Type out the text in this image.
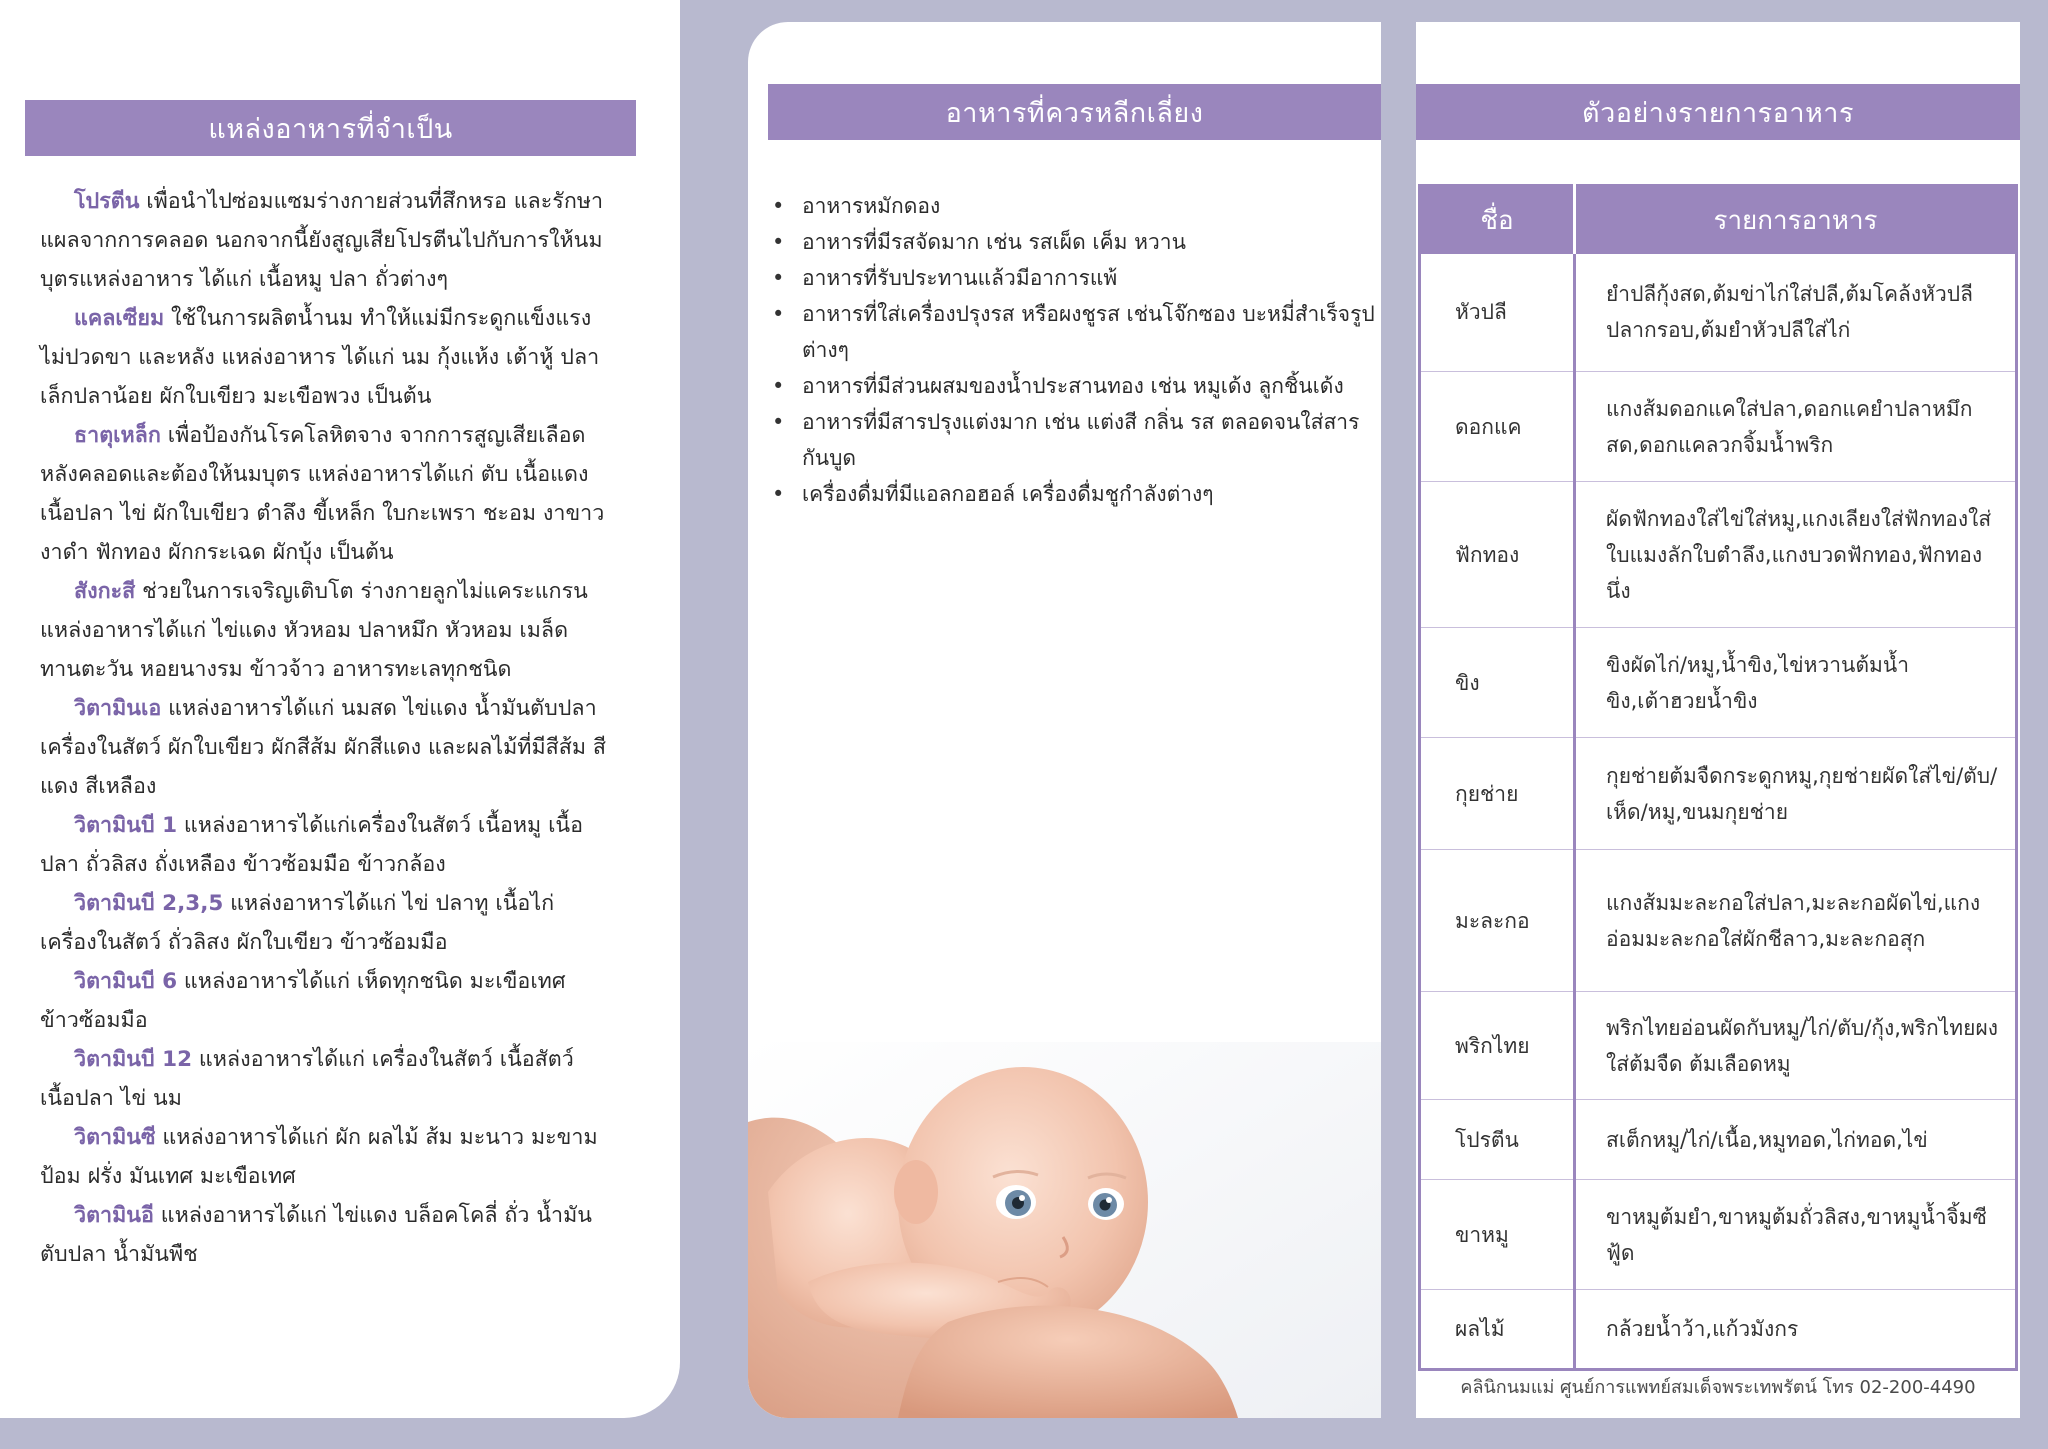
แหล่งอาหารที่จำเป็น

โปรตีน เพื่อนำไปซ่อมแซมร่างกายส่วนที่สึกหรอ และรักษาแผลจากการคลอด นอกจากนี้ยังสูญเสียโปรตีนไปกับการให้นมบุตรแหล่งอาหาร ได้แก่ เนื้อหมู ปลา ถั่วต่างๆ

แคลเซียม ใช้ในการผลิตน้ำนม ทำให้แม่มีกระดูกแข็งแรง ไม่ปวดขา และหลัง แหล่งอาหาร ได้แก่ นม กุ้งแห้ง เต้าหู้ ปลาเล็กปลาน้อย ผักใบเขียว มะเขือพวง เป็นต้น

ธาตุเหล็ก เพื่อป้องกันโรคโลหิตจาง จากการสูญเสียเลือดหลังคลอดและต้องให้นมบุตร แหล่งอาหารได้แก่ ตับ เนื้อแดง เนื้อปลา ไข่ ผักใบเขียว ตำลึง ขี้เหล็ก ใบกะเพรา ชะอม งาขาว งาดำ ฟักทอง ผักกระเฉด ผักบุ้ง เป็นต้น

สังกะสี ช่วยในการเจริญเติบโต ร่างกายลูกไม่แคระแกรน แหล่งอาหารได้แก่ ไข่แดง หัวหอม ปลาหมึก หัวหอม เมล็ดทานตะวัน หอยนางรม ข้าวจ้าว อาหารทะเลทุกชนิด

วิตามินเอ แหล่งอาหารได้แก่ นมสด ไข่แดง น้ำมันตับปลา เครื่องในสัตว์ ผักใบเขียว ผักสีส้ม ผักสีแดง และผลไม้ที่มีสีส้ม สีแดง สีเหลือง

วิตามินบี 1 แหล่งอาหารได้แก่เครื่องในสัตว์ เนื้อหมู เนื้อปลา ถั่วลิสง ถั่งเหลือง ข้าวซ้อมมือ ข้าวกล้อง

วิตามินบี 2,3,5 แหล่งอาหารได้แก่ ไข่ ปลาทู เนื้อไก่ เครื่องในสัตว์ ถั่วลิสง ผักใบเขียว ข้าวซ้อมมือ

วิตามินบี 6 แหล่งอาหารได้แก่ เห็ดทุกชนิด มะเขือเทศ ข้าวซ้อมมือ

วิตามินบี 12 แหล่งอาหารได้แก่ เครื่องในสัตว์ เนื้อสัตว์ เนื้อปลา ไข่ นม

วิตามินซี แหล่งอาหารได้แก่ ผัก ผลไม้ ส้ม มะนาว มะขามป้อม ฝรั่ง มันเทศ มะเขือเทศ

วิตามินอี แหล่งอาหารได้แก่ ไข่แดง บล็อคโคลี่ ถั่ว น้ำมันตับปลา น้ำมันพืช

อาหารที่ควรหลีกเลี่ยง
• อาหารหมักดอง
• อาหารที่มีรสจัดมาก เช่น รสเผ็ด เค็ม หวาน
• อาหารที่รับประทานแล้วมีอาการแพ้
• อาหารที่ใส่เครื่องปรุงรส หรือผงชูรส เช่นโจ๊กซอง บะหมี่สำเร็จรูปต่างๆ
• อาหารที่มีส่วนผสมของน้ำประสานทอง เช่น หมูเด้ง ลูกชิ้นเด้ง
• อาหารที่มีสารปรุงแต่งมาก เช่น แต่งสี กลิ่น รส ตลอดจนใส่สารกันบูด
• เครื่องดื่มที่มีแอลกอฮอล์ เครื่องดื่มชูกำลังต่างๆ
ตัวอย่างรายการอาหาร
ชื่อ	รายการอาหาร
หัวปลี	ยำปลีกุ้งสด,ต้มข่าไก่ใส่ปลี,ต้มโคล้งหัวปลีปลากรอบ,ต้มยำหัวปลีใส่ไก่
ดอกแค	แกงส้มดอกแคใส่ปลา,ดอกแคยำปลาหมึกสด,ดอกแคลวกจิ้มน้ำพริก
ฟักทอง	ผัดฟักทองใส่ไข่ใส่หมู,แกงเลียงใส่ฟักทองใส่ใบแมงลักใบตำลึง,แกงบวดฟักทอง,ฟักทองนึ่ง
ขิง	ขิงผัดไก่/หมู,น้ำขิง,ไข่หวานต้มน้ำขิง,เต้าฮวยน้ำขิง
กุยช่าย	กุยช่ายต้มจืดกระดูกหมู,กุยช่ายผัดใส่ไข่/ตับ/เห็ด/หมู,ขนมกุยช่าย
มะละกอ	แกงส้มมะละกอใส่ปลา,มะละกอผัดไข่,แกงอ่อมมะละกอใส่ผักชีลาว,มะละกอสุก
พริกไทย	พริกไทยอ่อนผัดกับหมู/ไก่/ตับ/กุ้ง,พริกไทยผงใส่ต้มจืด ต้มเลือดหมู
โปรตีน	สเต็กหมู/ไก่/เนื้อ,หมูทอด,ไก่ทอด,ไข่
ขาหมู	ขาหมูต้มยำ,ขาหมูต้มถั่วลิสง,ขาหมูน้ำจิ้มซีฟู้ด
ผลไม้	กล้วยน้ำว้า,แก้วมังกร
คลินิกนมแม่ ศูนย์การแพทย์สมเด็จพระเทพรัตน์ โทร 02-200-4490
